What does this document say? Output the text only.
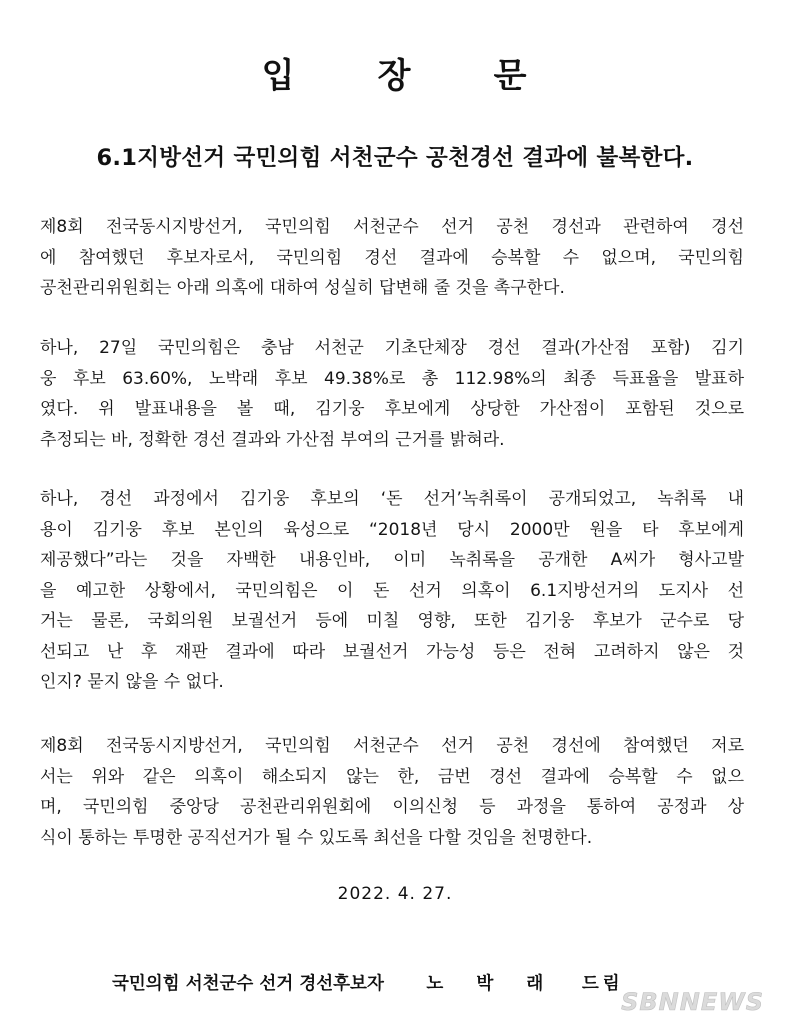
입	장	문
6.1지방선거 국민의힘 서천군수 공천경선 결과에 불복한다.
제8회 전국동시지방선거, 국민의힘 서천군수 선거 공천 경선과 관련하여 경선
에 참여했던 후보자로서, 국민의힘 경선 결과에 승복할 수 없으며, 국민의힘
공천관리위원회는 아래 의혹에 대하여 성실히 답변해 줄 것을 촉구한다.
하나, 27일 국민의힘은 충남 서천군 기초단체장 경선 결과(가산점 포함) 김기
웅 후보 63.60%, 노박래 후보 49.38%로 총 112.98%의 최종 득표율을 발표하
였다. 위 발표내용을 볼 때, 김기웅 후보에게 상당한 가산점이 포함된 것으로
추정되는 바, 정확한 경선 결과와 가산점 부여의 근거를 밝혀라.
하나, 경선 과정에서 김기웅 후보의 ‘돈 선거’녹취록이 공개되었고, 녹취록 내
용이 김기웅 후보 본인의 육성으로 “2018년 당시 2000만 원을 타 후보에게
제공했다”라는 것을 자백한 내용인바, 이미 녹취록을 공개한 A씨가 형사고발
을 예고한 상황에서, 국민의힘은 이 돈 선거 의혹이 6.1지방선거의 도지사 선
거는 물론, 국회의원 보궐선거 등에 미칠 영향, 또한 김기웅 후보가 군수로 당
선되고 난 후 재판 결과에 따라 보궐선거 가능성 등은 전혀 고려하지 않은 것
인지? 묻지 않을 수 없다.
제8회 전국동시지방선거, 국민의힘 서천군수 선거 공천 경선에 참여했던 저로
서는 위와 같은 의혹이 해소되지 않는 한, 금번 경선 결과에 승복할 수 없으
며, 국민의힘 중앙당 공천관리위원회에 이의신청 등 과정을 통하여 공정과 상
식이 통하는 투명한 공직선거가 될 수 있도록 최선을 다할 것임을 천명한다.

2022. 4. 27.

국민의힘 서천군수 선거 경선후보자	노	박	래	드림
SBNNEWS
